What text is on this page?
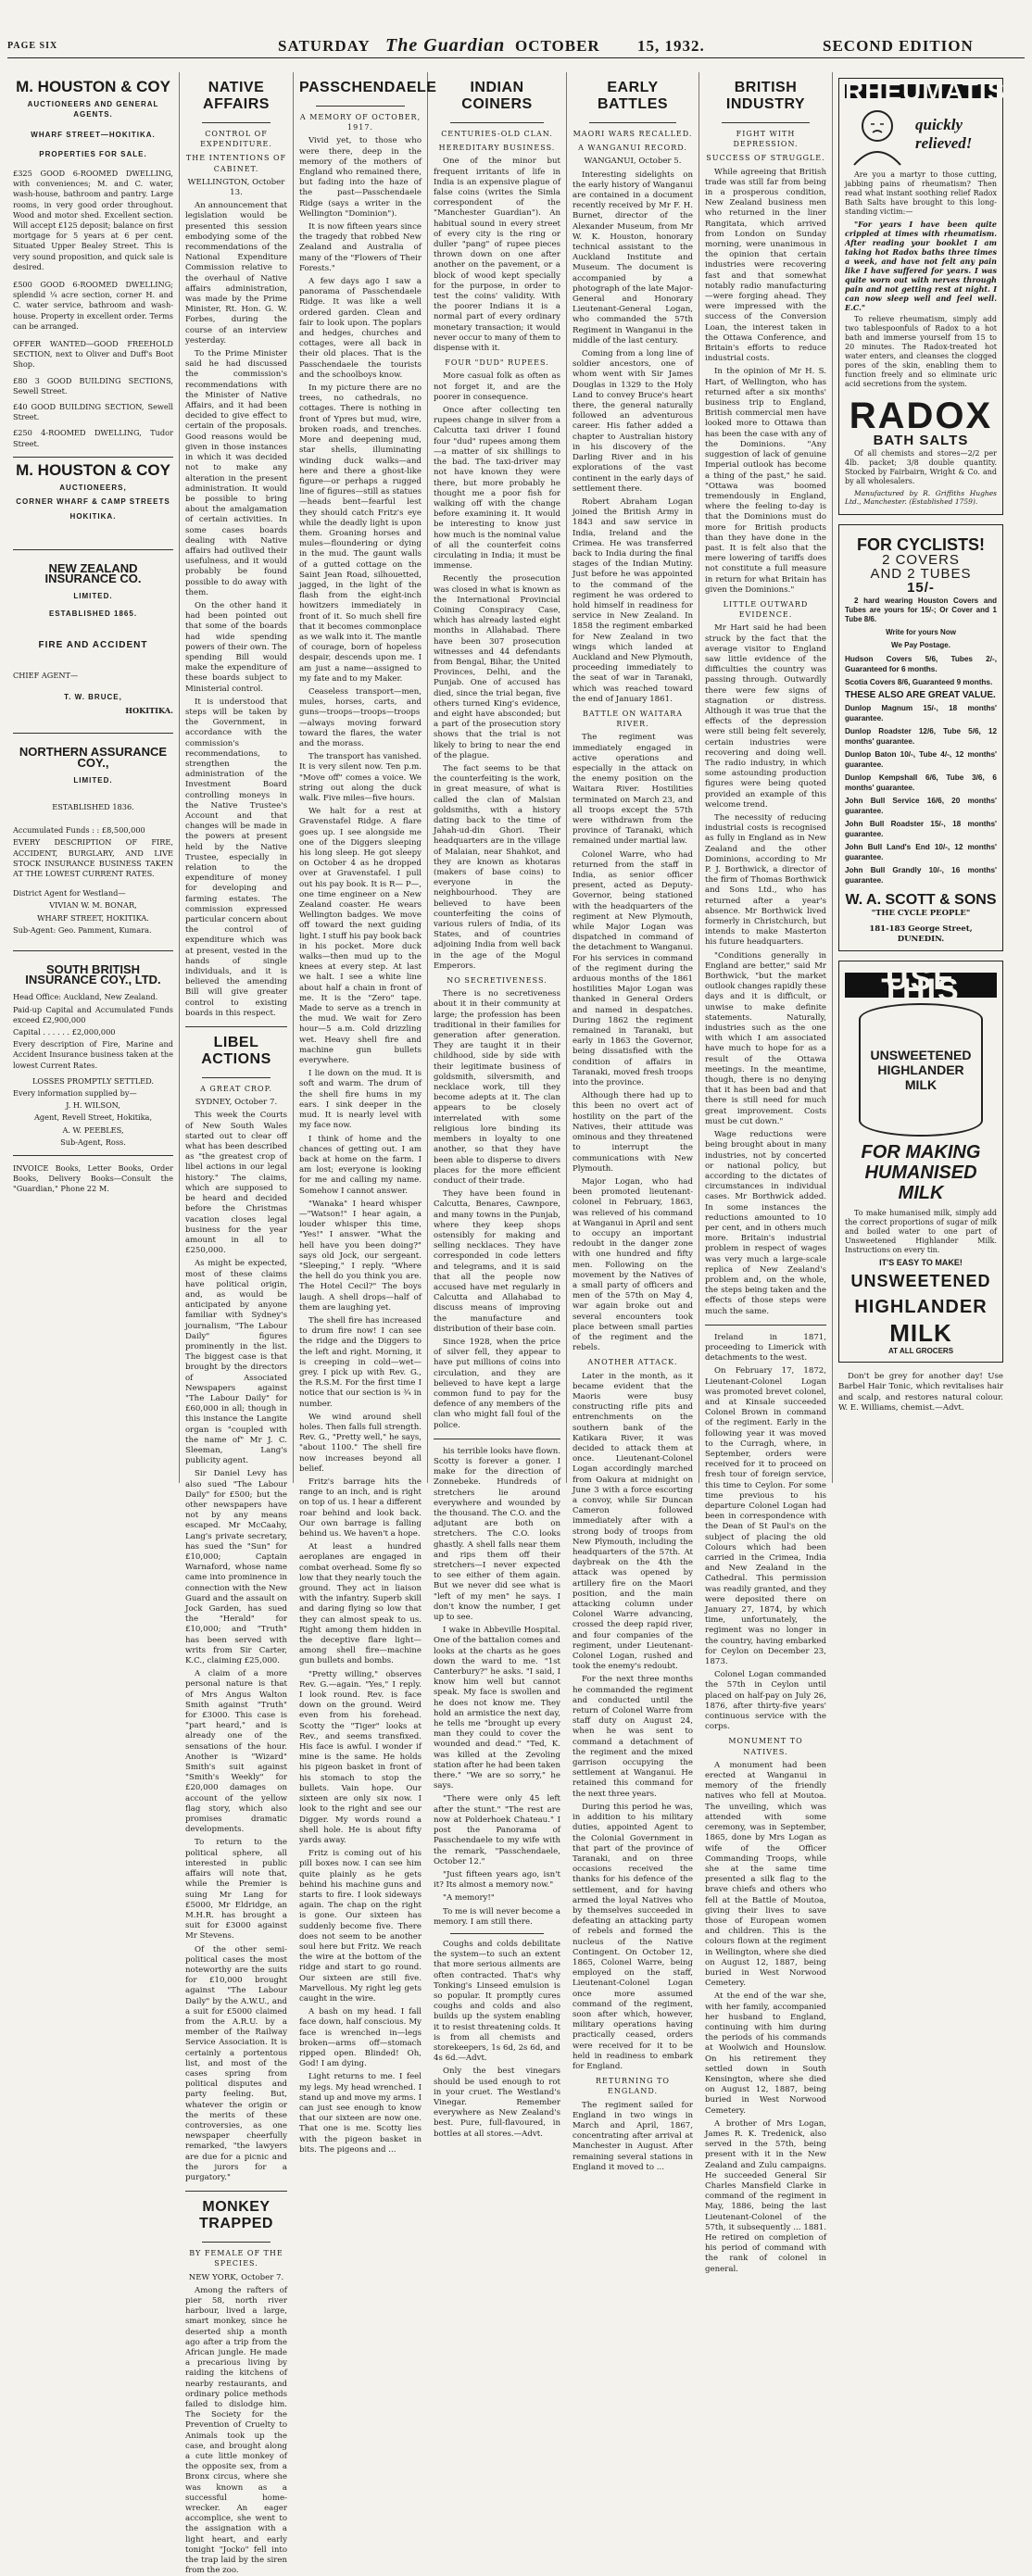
PAGE SIX	SATURDAY The Guardian OCTOBER 15, 1932.	SECOND EDITION
M. HOUSTON & COY
AUCTIONEERS AND GENERAL AGENTS.
WHARF STREET—HOKITIKA.
PROPERTIES FOR SALE.

£325 GOOD 6-ROOMED DWELLING, with conveniences; M. and C. water, wash-house, bathroom and pantry. Large rooms, in very good order throughout. Wood and motor shed. Excellent section. Will accept £125 deposit; balance on first mortgage for 5 years at 6 per cent. Situated Upper Bealey Street. This is very sound proposition, and quick sale is desired.

£500 GOOD 6-ROOMED DWELLING; splendid ¼ acre section, corner H. and C. water service, bathroom and wash-house. Property in excellent order. Terms can be arranged.

OFFER WANTED—GOOD FREEHOLD SECTION, next to Oliver and Duff's Boot Shop.

£80 3 GOOD BUILDING SECTIONS, Sewell Street.

£40 GOOD BUILDING SECTION, Sewell Street.

£250 4-ROOMED DWELLING, Tudor Street.

M. HOUSTON & COY
AUCTIONEERS,
CORNER WHARF & CAMP STREETS
HOKITIKA.
NEW ZEALAND INSURANCE CO.
LIMITED.
ESTABLISHED 1865.
FIRE AND ACCIDENT
CHIEF AGENT—
T. W. BRUCE,
HOKITIKA.
NORTHERN ASSURANCE COY.,
LIMITED.
ESTABLISHED 1836.

Accumulated Funds : : £8,500,000

EVERY DESCRIPTION OF FIRE, ACCIDENT, BURGLARY, AND LIVE STOCK INSURANCE BUSINESS TAKEN AT THE LOWEST CURRENT RATES.

District Agent for Westland—

VIVIAN W. M. BONAR,

WHARF STREET, HOKITIKA.

Sub-Agent: Geo. Pamment, Kumara.

SOUTH BRITISH INSURANCE COY., LTD.

Head Office: Auckland, New Zealand.

Paid-up Capital and Accumulated Funds exceed £2,900,000

Capital . . . . . . £2,000,000

Every description of Fire, Marine and Accident Insurance business taken at the lowest Current Rates.

LOSSES PROMPTLY SETTLED.

Every information supplied by—

J. H. WILSON,

Agent, Revell Street, Hokitika,

A. W. PEEBLES,

Sub-Agent, Ross.

INVOICE Books, Letter Books, Order Books, Delivery Books—Consult the "Guardian," Phone 22 M.

NATIVE AFFAIRS
CONTROL OF EXPENDITURE.
THE INTENTIONS OF CABINET.

WELLINGTON, October 13.

An announcement that legislation would be presented this session embodying some of the recommendations of the National Expenditure Commission relative to the overhaul of Native affairs administration, was made by the Prime Minister, Rt. Hon. G. W. Forbes, during the course of an interview yesterday.

To the Prime Minister said he had discussed the commission's recommendations with the Minister of Native Affairs, and it had been decided to give effect to certain of the proposals. Good reasons would be given in those instances in which it was decided not to make any alteration in the present administration. It would be possible to bring about the amalgamation of certain activities. In some cases boards dealing with Native affairs had outlived their usefulness, and it would probably be found possible to do away with them.

On the other hand it had been pointed out that some of the boards had wide spending powers of their own. The spending Bill would make the expenditure of these boards subject to Ministerial control.

It is understood that steps will be taken by the Government, in accordance with the commission's recommendations, to strengthen the administration of the Investment Board controlling moneys in the Native Trustee's Account and that changes will be made in the powers at present held by the Native Trustee, especially in relation to the expenditure of money for developing and farming estates. The commission expressed particular concern about the control of expenditure which was at present, vested in the hands of single individuals, and it is believed the amending Bill will give greater control to existing boards in this respect.

LIBEL ACTIONS
A GREAT CROP.

SYDNEY, October 7.

This week the Courts of New South Wales started out to clear off what has been described as "the greatest crop of libel actions in our legal history." The claims, which are supposed to be heard and decided before the Christmas vacation closes legal business for the year amount in all to £250,000.

As might be expected, most of these claims have political origin, and, as would be anticipated by anyone familiar with Sydney's journalism, "The Labour Daily" figures prominently in the list. The biggest case is that brought by the directors of Associated Newspapers against "The Labour Daily" for £60,000 in all; though in this instance the Langite organ is "coupled with the name of" Mr J. C. Sleeman, Lang's publicity agent.

Sir Daniel Levy has also sued "The Labour Daily" for £500; but the other newspapers have not by any means escaped. Mr McCaahy, Lang's private secretary, has sued the "Sun" for £10,000; Captain Warnaford, whose name came into prominence in connection with the New Guard and the assault on Jock Garden, has sued the "Herald" for £10,000; and "Truth" has been served with writs from Sir Carter, K.C., claiming £25,000.

A claim of a more personal nature is that of Mrs Angus Walton Smith against "Truth" for £3000. This case is "part heard," and is already one of the sensations of the hour. Another is "Wizard" Smith's suit against "Smith's Weekly" for £20,000 damages on account of the yellow flag story, which also promises dramatic developments.

To return to the political sphere, all interested in public affairs will note that, while the Premier is suing Mr Lang for £5000, Mr Eldridge, an M.H.R. has brought a suit for £3000 against Mr Stevens.

Of the other semi-political cases the most noteworthy are the suits for £10,000 brought against "The Labour Daily" by the A.W.U., and a suit for £5000 claimed from the A.R.U. by a member of the Railway Service Association. It is certainly a portentous list, and most of the cases spring from political disputes and party feeling. But, whatever the origin or the merits of these controversies, as one newspaper cheerfully remarked, "the lawyers are due for a picnic and the jurors for a purgatory."

MONKEY TRAPPED
BY FEMALE OF THE SPECIES.

NEW YORK, October 7.

Among the rafters of pier 58, north river harbour, lived a large, smart monkey, since he deserted ship a month ago after a trip from the African jungle. He made a precarious living by raiding the kitchens of nearby restaurants, and ordinary police methods failed to dislodge him. The Society for the Prevention of Cruelty to Animals took up the case, and brought along a cute little monkey of the opposite sex, from a Bronx circus, where she was known as a successful home-wrecker. An eager accomplice, she went to the assignation with a light heart, and early tonight "Jocko" fell into the trap laid by the siren from the zoo.

PASSCHENDAELE
A MEMORY OF OCTOBER, 1917.

Vivid yet, to those who were there, deep in the memory of the mothers of England who remained there, but fading into the haze of the past—Passchendaele Ridge (says a writer in the Wellington "Dominion").

It is now fifteen years since the tragedy that robbed New Zealand and Australia of many of the "Flowers of Their Forests."

A few days ago I saw a panorama of Passchendaele Ridge. It was like a well ordered garden. Clean and fair to look upon. The poplars and hedges, churches and cottages, were all back in their old places. That is the Passchendaele the tourists and the schoolboys know.

In my picture there are no trees, no cathedrals, no cottages. There is nothing in front of Ypres but mud, wire, broken roads, and trenches. More and deepening mud, star shells, illuminating winding duck walks—and here and there a ghost-like figure—or perhaps a rugged line of figures—still as statues—heads bent—fearful lest they should catch Fritz's eye while the deadly light is upon them. Groaning horses and mules—floundering or dying in the mud. The gaunt walls of a gutted cottage on the Saint Jean Road, silhouetted, jagged, in the light of the flash from the eight-inch howitzers immediately in front of it. So much shell fire that it becomes commonplace as we walk into it. The mantle of courage, born of hopeless despair, descends upon me. I am just a name—assigned to my fate and to my Maker.

Ceaseless transport—men, mules, horses, carts, and guns—troops—troops—troops—always moving forward toward the flares, the water and the morass.

The transport has vanished. It is very silent now. Ten p.m. "Move off" comes a voice. We string out along the duck walk. Five miles—five hours.

We halt for a rest at Gravenstafel Ridge. A flare goes up. I see alongside me one of the Diggers sleeping his long sleep. He got sleepy on October 4 as he dropped over at Gravenstafel. I pull out his pay book. It is R— P—, one time engineer on a New Zealand coaster. He wears Wellington badges. We move off toward the next guiding light. I stuff his pay book back in his pocket. More duck walks—then mud up to the knees at every step. At last we halt. I see a white line about half a chain in front of me. It is the "Zero" tape. Made to serve as a trench in the mud. We wait for Zero hour—5 a.m. Cold drizzling wet. Heavy shell fire and machine gun bullets everywhere.

I lie down on the mud. It is soft and warm. The drum of the shell fire hums in my ears. I sink deeper in the mud. It is nearly level with my face now.

I think of home and the chances of getting out. I am back at home on the farm. I am lost; everyone is looking for me and calling my name. Somehow I cannot answer.

"Wanaka" I heard whisper—"Watson!" I hear again, a louder whisper this time, "Yes!" I answer. "What the hell have you been doing?" says old Jock, our sergeant. "Sleeping," I reply. "Where the hell do you think you are. The Hotel Cecil?" The boys laugh. A shell drops—half of them are laughing yet.

The shell fire has increased to drum fire now! I can see the ridge and the Diggers to the left and right. Morning, it is creeping in cold—wet—grey. I pick up with Rev. G., the R.S.M. For the first time I notice that our section is ¾ in number.

We wind around shell holes. Then falls full strength. Rev. G., "Pretty well," he says, "about 1100." The shell fire now increases beyond all belief.

Fritz's barrage hits the range to an inch, and is right on top of us. I hear a different roar behind and look back. Our own barrage is falling behind us. We haven't a hope.

At least a hundred aeroplanes are engaged in combat overhead. Some fly so low that they nearly touch the ground. They act in liaison with the infantry. Superb skill and daring flying so low that they can almost speak to us. Right among them hidden in the deceptive flare light—among shell fire—machine gun bullets and bombs.

"Pretty willing," observes Rev. G.—again. "Yes," I reply. I look round. Rev. is face down on the ground. Weird even from his forehead. Scotty the "Tiger" looks at Rev., and seems transfixed. His face is awful. I wonder if mine is the same. He holds his pigeon basket in front of his stomach to stop the bullets. Vain hope. Our sixteen are only six now. I look to the right and see our Digger. My words round a shell hole. He is about fifty yards away.

Fritz is coming out of his pill boxes now. I can see him quite plainly as he gets behind his machine guns and starts to fire. I look sideways again. The chap on the right is gone. Our sixteen has suddenly become five. There does not seem to be another soul here but Fritz. We reach the wire at the bottom of the ridge and start to go round. Our sixteen are still five. Marvellous. My right leg gets caught in the wire.

A bash on my head. I fall face down, half conscious. My face is wrenched in—legs broken—arms off—stomach ripped open. Blinded! Oh, God! I am dying.

Light returns to me. I feel my legs. My head wrenched. I stand up and move my arms. I can just see enough to know that our sixteen are now one. That one is me. Scotty lies with the pigeon basket in bits. The pigeons and ...

INDIAN COINERS
CENTURIES-OLD CLAN.
HEREDITARY BUSINESS.

One of the minor but frequent irritants of life in India is an expensive plague of false coins (writes the Simla correspondent of the "Manchester Guardian"). An habitual sound in every street of every city is the ring or duller "pang" of rupee pieces thrown down on one after another on the pavement, or a block of wood kept specially for the purpose, in order to test the coins' validity. With the poorer Indians it is a normal part of every ordinary monetary transaction; it would never occur to many of them to dispense with it.

FOUR "DUD" RUPEES.

More casual folk as often as not forget it, and are the poorer in consequence.

Once after collecting ten rupees change in silver from a Calcutta taxi driver I found four "dud" rupees among them—a matter of six shillings to the bad. The taxi-driver may not have known they were there, but more probably he thought me a poor fish for walking off with the change before examining it. It would be interesting to know just how much is the nominal value of all the counterfeit coins circulating in India; it must be immense.

Recently the prosecution was closed in what is known as the International Provincial Coining Conspiracy Case, which has already lasted eight months in Allahabad. There have been 307 prosecution witnesses and 44 defendants from Bengal, Bihar, the United Provinces, Delhi, and the Punjab. One of accused has died, since the trial began, five others turned King's evidence, and eight have absconded; but a part of the prosecution story shows that the trial is not likely to bring to near the end of the plague.

The fact seems to be that the counterfeiting is the work, in great measure, of what is called the clan of Malsian goldsmiths, with a history dating back to the time of Jahah-ud-din Ghori. Their headquarters are in the village of Malaian, near Shahkot, and they are known as khotaras (makers of base coins) to everyone in the neighbourhood. They are believed to have been counterfeiting the coins of various rulers of India, of its States, and of countries adjoining India from well back in the age of the Mogul Emperors.

NO SECRETIVENESS.

There is no secretiveness about it in their community at large; the profession has been traditional in their families for generation after generation. They are taught it in their childhood, side by side with their legitimate business of goldsmith, silversmith, and necklace work, till they become adepts at it. The clan appears to be closely interrelated with some religious lore binding its members in loyalty to one another, so that they have been able to disperse to divers places for the more efficient conduct of their trade.

They have been found in Calcutta, Benares, Cawnpore, and many towns in the Punjab, where they keep shops ostensibly for making and selling necklaces. They have corresponded in code letters and telegrams, and it is said that all the people now accused have met regularly in Calcutta and Allahabad to discuss means of improving the manufacture and distribution of their base coin.

Since 1928, when the price of silver fell, they appear to have put millions of coins into circulation, and they are believed to have kept a large common fund to pay for the defence of any members of the clan who might fall foul of the police.

his terrible looks have flown. Scotty is forever a goner. I make for the direction of Zonnebeke. Hundreds of stretchers lie around everywhere and wounded by the thousand. The C.O. and the adjutant are both on stretchers. The C.O. looks ghastly. A shell falls near them and rips them off their stretchers—I never expected to see either of them again. But we never did see what is "left of my men" he says. I don't know the number, I get up to see.

I wake in Abbeville Hospital. One of the battalion comes and looks at the charts as he goes down the ward to me. "1st Canterbury?" he asks. "I said, I know him well but cannot speak. My face is swollen and he does not know me. They hold an armistice the next day, he tells me "brought up every man they could to cover the wounded and dead." "Ted, K. was killed at the Zevoling station after he had been taken there." "We are so sorry," he says.

"There were only 45 left after the stunt." "The rest are now at Polderhoek Chateau." I post the Panorama of Passchendaele to my wife with the remark, "Passchendaele, October 12."

"Just fifteen years ago, isn't it? Its almost a memory now."

"A memory!"

To me is will never become a memory. I am still there.

Coughs and colds debilitate the system—to such an extent that more serious ailments are often contracted. That's why Tonking's Linseed emulsion is so popular. It promptly cures coughs and colds and also builds up the system enabling it to resist threatening colds. It is from all chemists and storekeepers, 1s 6d, 2s 6d, and 4s 6d.—Advt.

Only the best vinegars should be used enough to rot in your cruet. The Westland's Vinegar. Remember everywhere as New Zealand's best. Pure, full-flavoured, in bottles at all stores.—Advt.

EARLY BATTLES
MAORI WARS RECALLED.
A WANGANUI RECORD.

WANGANUI, October 5.

Interesting sidelights on the early history of Wanganui are contained in a document recently received by Mr F. H. Burnet, director of the Alexander Museum, from Mr W. K. Houston, honorary technical assistant to the Auckland Institute and Museum. The document is accompanied by a photograph of the late Major-General and Honorary Lieutenant-General Logan, who commanded the 57th Regiment in Wanganui in the middle of the last century.

Coming from a long line of soldier ancestors, one of whom went with Sir James Douglas in 1329 to the Holy Land to convey Bruce's heart there, the general naturally followed an adventurous career. His father added a chapter to Australian history in his discovery of the Darling River and in his explorations of the vast continent in the early days of settlement there.

Robert Abraham Logan joined the British Army in 1843 and saw service in India, Ireland and the Crimea. He was transferred back to India during the final stages of the Indian Mutiny. Just before he was appointed to the command of the regiment he was ordered to hold himself in readiness for service in New Zealand. In 1858 the regiment embarked for New Zealand in two wings which landed at Auckland and New Plymouth, proceeding immediately to the seat of war in Taranaki, which was reached toward the end of January 1861.

BATTLE ON WAITARA RIVER.

The regiment was immediately engaged in active operations and especially in the attack on the enemy position on the Waitara River. Hostilities terminated on March 23, and all troops except the 57th were withdrawn from the province of Taranaki, which remained under martial law.

Colonel Warre, who had returned from the staff in India, as senior officer present, acted as Deputy-Governor, being stationed with the headquarters of the regiment at New Plymouth, while Major Logan was dispatched in command of the detachment to Wanganui. For his services in command of the regiment during the arduous months of the 1861 hostilities Major Logan was thanked in General Orders and named in despatches. During 1862 the regiment remained in Taranaki, but early in 1863 the Governor, being dissatisfied with the condition of affairs in Taranaki, moved fresh troops into the province.

Although there had up to this been no overt act of hostility on the part of the Natives, their attitude was ominous and they threatened to interrupt the communications with New Plymouth.

Major Logan, who had been promoted lieutenant-colonel in February, 1863, was relieved of his command at Wanganui in April and sent to occupy an important redoubt in the danger zone with one hundred and fifty men. Following on the movement by the Natives of a small party of officers and men of the 57th on May 4, war again broke out and several encounters took place between small parties of the regiment and the rebels.

ANOTHER ATTACK.

Later in the month, as it became evident that the Maoris were busy constructing rifle pits and entrenchments on the southern bank of the Katikara River, it was decided to attack them at once. Lieutenant-Colonel Logan accordingly marched from Oakura at midnight on June 3 with a force escorting a convoy, while Sir Duncan Cameron followed immediately after with a strong body of troops from New Plymouth, including the headquarters of the 57th. At daybreak on the 4th the attack was opened by artillery fire on the Maori position, and the main attacking column under Colonel Warre advancing, crossed the deep rapid river, and four companies of the regiment, under Lieutenant-Colonel Logan, rushed and took the enemy's redoubt.

For the next three months he commanded the regiment and conducted until the return of Colonel Warre from staff duty on August 24, when he was sent to command a detachment of the regiment and the mixed garrison occupying the settlement at Wanganui. He retained this command for the next three years.

During this period he was, in addition to his military duties, appointed Agent to the Colonial Government in that part of the province of Taranaki, and on three occasions received the thanks for his defence of the settlement, and for having armed the loyal Natives who by themselves succeeded in defeating an attacking party of rebels and formed the nucleus of the Native Contingent. On October 12, 1865, Colonel Warre, being employed on the staff, Lieutenant-Colonel Logan once more assumed command of the regiment, soon after which, however, military operations having practically ceased, orders were received for it to be held in readiness to embark for England.

RETURNING TO ENGLAND.

The regiment sailed for England in two wings in March and April, 1867, concentrating after arrival at Manchester in August. After remaining several stations in England it moved to ...

BRITISH INDUSTRY
FIGHT WITH DEPRESSION.
SUCCESS OF STRUGGLE.

While agreeing that British trade was still far from being in a prosperous condition, New Zealand business men who returned in the liner Rangitata, which arrived from London on Sunday morning, were unanimous in the opinion that certain industries were recovering fast and that somewhat notably radio manufacturing—were forging ahead. They were impressed with the success of the Conversion Loan, the interest taken in the Ottawa Conference, and Britain's efforts to reduce industrial costs.

In the opinion of Mr H. S. Hart, of Wellington, who has returned after a six months' business trip to England, British commercial men have looked more to Ottawa than has been the case with any of the Dominions. "Any suggestion of lack of genuine Imperial outlook has become a thing of the past," he said. "Ottawa was boomed tremendously in England, where the feeling to-day is that the Dominions must do more for British products than they have done in the past. It is felt also that the mere lowering of tariffs does not constitute a full measure in return for what Britain has given the Dominions."

LITTLE OUTWARD EVIDENCE.

Mr Hart said he had been struck by the fact that the average visitor to England saw little evidence of the difficulties the country was passing through. Outwardly there were few signs of stagnation or distress. Although it was true that the effects of the depression were still being felt severely, certain industries were recovering and doing well. The radio industry, in which some astounding production figures were being quoted provided an example of this welcome trend.

The necessity of reducing industrial costs is recognised as fully in England as in New Zealand and the other Dominions, according to Mr P. J. Borthwick, a director of the firm of Thomas Borthwick and Sons Ltd., who has returned after a year's absence. Mr Borthwick lived formerly in Christchurch, but intends to make Masterton his future headquarters.

"Conditions generally in England are better," said Mr Borthwick, "but the market outlook changes rapidly these days and it is difficult, or unwise to make definite statements. Naturally, industries such as the one with which I am associated have much to hope for as a result of the Ottawa meetings. In the meantime, though, there is no denying that it has been bad and that there is still need for much great improvement. Costs must be cut down."

Wage reductions were being brought about in many industries, not by concerted or national policy, but according to the dictates of circumstances in individual cases. Mr Borthwick added. In some instances the reductions amounted to 10 per cent, and in others much more. Britain's industrial problem in respect of wages was very much a large-scale replica of New Zealand's problem and, on the whole, the steps being taken and the effects of those steps were much the same.

Ireland in 1871, proceeding to Limerick with detachments to the west.

On February 17, 1872, Lieutenant-Colonel Logan was promoted brevet colonel, and at Kinsale succeeded Colonel Brown in command of the regiment. Early in the following year it was moved to the Curragh, where, in September, orders were received for it to proceed on fresh tour of foreign service, this time to Ceylon. For some time previous to his departure Colonel Logan had been in correspondence with the Dean of St Paul's on the subject of placing the old Colours which had been carried in the Crimea, India and New Zealand in the Cathedral. This permission was readily granted, and they were deposited there on January 27, 1874, by which time, unfortunately, the regiment was no longer in the country, having embarked for Ceylon on December 23, 1873.

Colonel Logan commanded the 57th in Ceylon until placed on half-pay on July 26, 1876, after thirty-five years' continuous service with the corps.

MONUMENT TO NATIVES.

A monument had been erected at Wanganui in memory of the friendly natives who fell at Moutoa. The unveiling, which was attended with some ceremony, was in September, 1865, done by Mrs Logan as wife of the Officer Commanding Troops, while she at the same time presented a silk flag to the brave chiefs and others who fell at the Battle of Moutoa, giving their lives to save those of European women and children. This is the colours flown at the regiment in Wellington, where she died on August 12, 1887, being buried in West Norwood Cemetery.

At the end of the war she, with her family, accompanied her husband to England, continuing with him during the periods of his commands at Woolwich and Hounslow. On his retirement they settled down in South Kensington, where she died on August 12, 1887, being buried in West Norwood Cemetery.

A brother of Mrs Logan, James R. K. Tredenick, also served in the 57th, being present with it in the New Zealand and Zulu campaigns. He succeeded General Sir Charles Mansfield Clarke in command of the regiment in May, 1886, being the last Lieutenant-Colonel of the 57th, it subsequently ... 1881. He retired on completion of his period of command with the rank of colonel in general.

RHEUMATISM
quickly relieved!

Are you a martyr to those cutting, jabbing pains of rheumatism? Then read what instant soothing relief Radox Bath Salts have brought to this long-standing victim:—

"For years I have been quite crippled at times with rheumatism. After reading your booklet I am taking hot Radox baths three times a week, and have not felt any pain like I have suffered for years. I was quite worn out with nerves through pain and not getting rest at night. I can now sleep well and feel well. E.C."

To relieve rheumatism, simply add two tablespoonfuls of Radox to a hot bath and immerse yourself from 15 to 20 minutes. The Radox-treated hot water enters, and cleanses the clogged pores of the skin, enabling them to function freely and so eliminate uric acid secretions from the system.

RADOX
BATH SALTS

Of all chemists and stores—2/2 per 4lb. packet; 3/8 double quantity. Stocked by Fairbairn, Wright & Co. and by all wholesalers.

Manufactured by R. Griffiths Hughes Ltd., Manchester. (Established 1759).

FOR CYCLISTS!
2 COVERS
AND 2 TUBES
15/-

2 hard wearing Houston Covers and Tubes are yours for 15/-; Or Cover and 1 Tube 8/6.

Write for yours Now

We Pay Postage.

Hudson Covers 5/6, Tubes 2/-, Guaranteed for 6 months.
Scotia Covers 8/6, Guaranteed 9 months.
THESE ALSO ARE GREAT VALUE.
Dunlop Magnum 15/-, 18 months' guarantee.
Dunlop Roadster 12/6, Tube 5/6, 12 months' guarantee.
Dunlop Baton 10/-, Tube 4/-, 12 months' guarantee.
Dunlop Kempshall 6/6, Tube 3/6, 6 months' guarantee.
John Bull Service 16/6, 20 months' guarantee.
John Bull Roadster 15/-, 18 months' guarantee.
John Bull Land's End 10/-, 12 months' guarantee.
John Bull Grandly 10/-, 16 months' guarantee.
W. A. SCOTT & SONS
"THE CYCLE PEOPLE"
181-183 George Street, DUNEDIN.
USE THIS
UNSWEETENED HIGHLANDER MILK
FOR MAKING HUMANISED MILK

To make humanised milk, simply add the correct proportions of sugar of milk and boiled water to one part of Unsweetened Highlander Milk. Instructions on every tin.

IT'S EASY TO MAKE!
UNSWEETENED
HIGHLANDER
MILK
AT ALL GROCERS

Don't be grey for another day! Use Barbel Hair Tonic, which revitalises hair and scalp, and restores natural colour. W. E. Williams, chemist.—Advt.
